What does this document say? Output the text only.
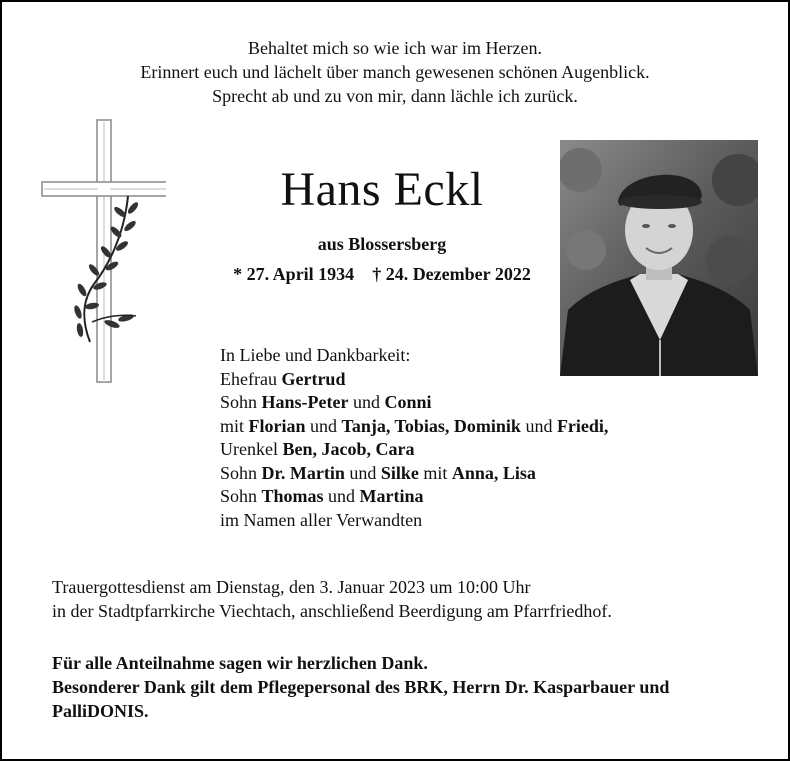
Behaltet mich so wie ich war im Herzen.
Erinnert euch und lächelt über manch gewesenen schönen Augenblick.
Sprecht ab und zu von mir, dann lächle ich zurück.
Hans Eckl
aus Blossersberg
* 27. April 1934 † 24. Dezember 2022
In Liebe und Dankbarkeit:
Ehefrau Gertrud
Sohn Hans-Peter und Conni
mit Florian und Tanja, Tobias, Dominik und Friedi,
Urenkel Ben, Jacob, Cara
Sohn Dr. Martin und Silke mit Anna, Lisa
Sohn Thomas und Martina
im Namen aller Verwandten
Trauergottesdienst am Dienstag, den 3. Januar 2023 um 10:00 Uhr
in der Stadtpfarrkirche Viechtach, anschließend Beerdigung am Pfarrfriedhof.
Für alle Anteilnahme sagen wir herzlichen Dank.
Besonderer Dank gilt dem Pflegepersonal des BRK, Herrn Dr. Kasparbauer und PalliDONIS.
